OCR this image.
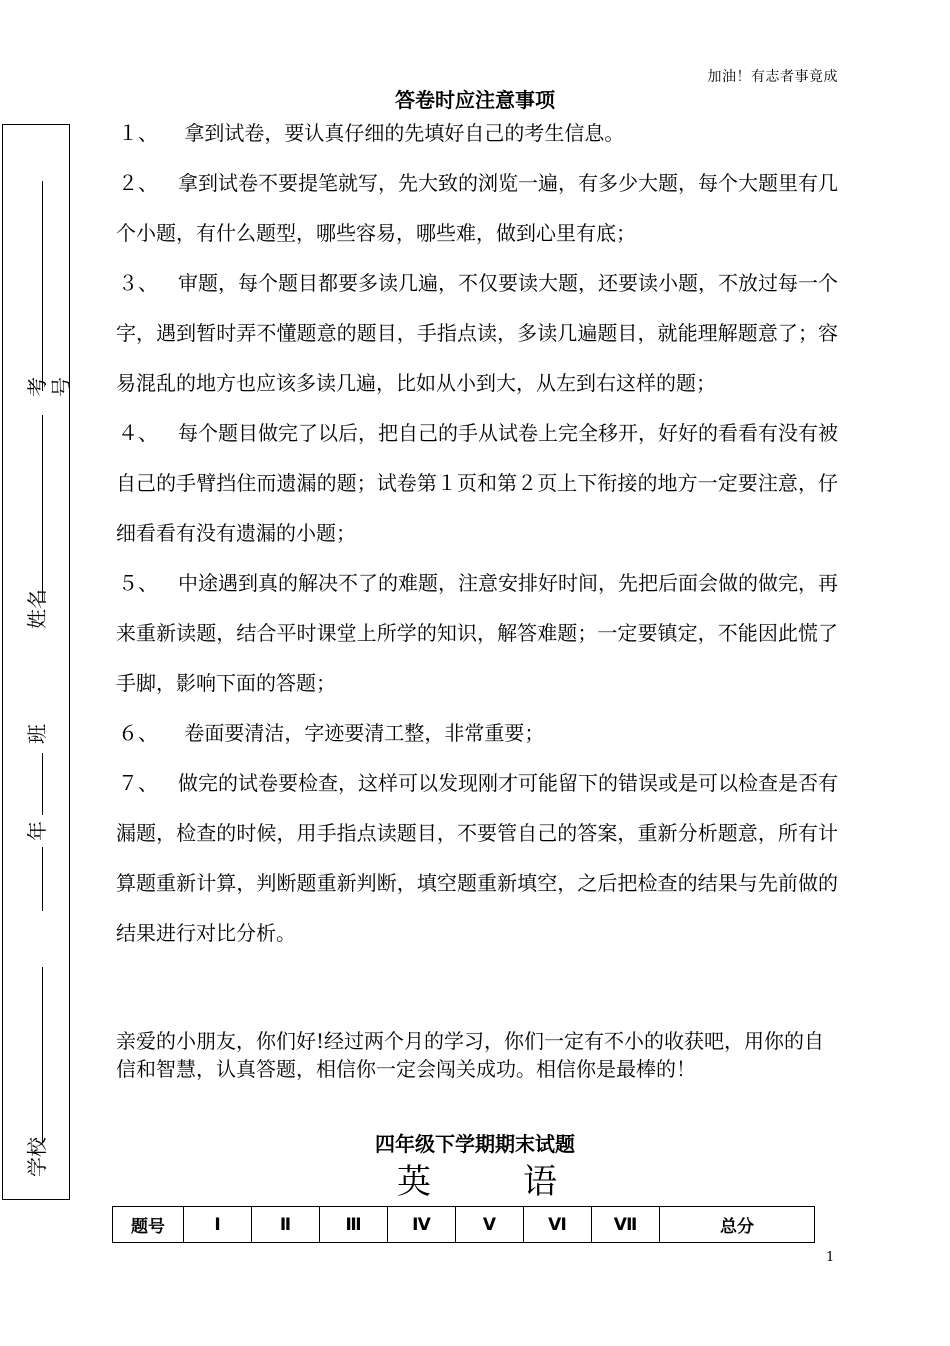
加油！有志者事竟成
答卷时应注意事项
考号
姓名
班
年
学校

１、 拿到试卷，要认真仔细的先填好自己的考生信息。

２、 拿到试卷不要提笔就写，先大致的浏览一遍，有多少大题，每个大题里有几个小题，有什么题型，哪些容易，哪些难，做到心里有底；

３、 审题，每个题目都要多读几遍，不仅要读大题，还要读小题，不放过每一个字，遇到暂时弄不懂题意的题目，手指点读，多读几遍题目，就能理解题意了；容易混乱的地方也应该多读几遍，比如从小到大，从左到右这样的题；

４、 每个题目做完了以后，把自己的手从试卷上完全移开，好好的看看有没有被自己的手臂挡住而遗漏的题；试卷第１页和第２页上下衔接的地方一定要注意，仔细看看有没有遗漏的小题；

５、 中途遇到真的解决不了的难题，注意安排好时间，先把后面会做的做完，再来重新读题，结合平时课堂上所学的知识，解答难题；一定要镇定，不能因此慌了手脚，影响下面的答题；

６、 卷面要清洁，字迹要清工整，非常重要；

７、 做完的试卷要检查，这样可以发现刚才可能留下的错误或是可以检查是否有漏题，检查的时候，用手指点读题目，不要管自己的答案，重新分析题意，所有计算题重新计算，判断题重新判断，填空题重新填空，之后把检查的结果与先前做的结果进行对比分析。

亲爱的小朋友，你们好!经过两个月的学习，你们一定有不小的收获吧，用你的自信和智慧，认真答题，相信你一定会闯关成功。相信你是最棒的！
四年级下学期期末试题
英	语
题号	Ⅰ	Ⅱ	Ⅲ	Ⅳ	Ⅴ	Ⅵ	Ⅶ	总分
1
